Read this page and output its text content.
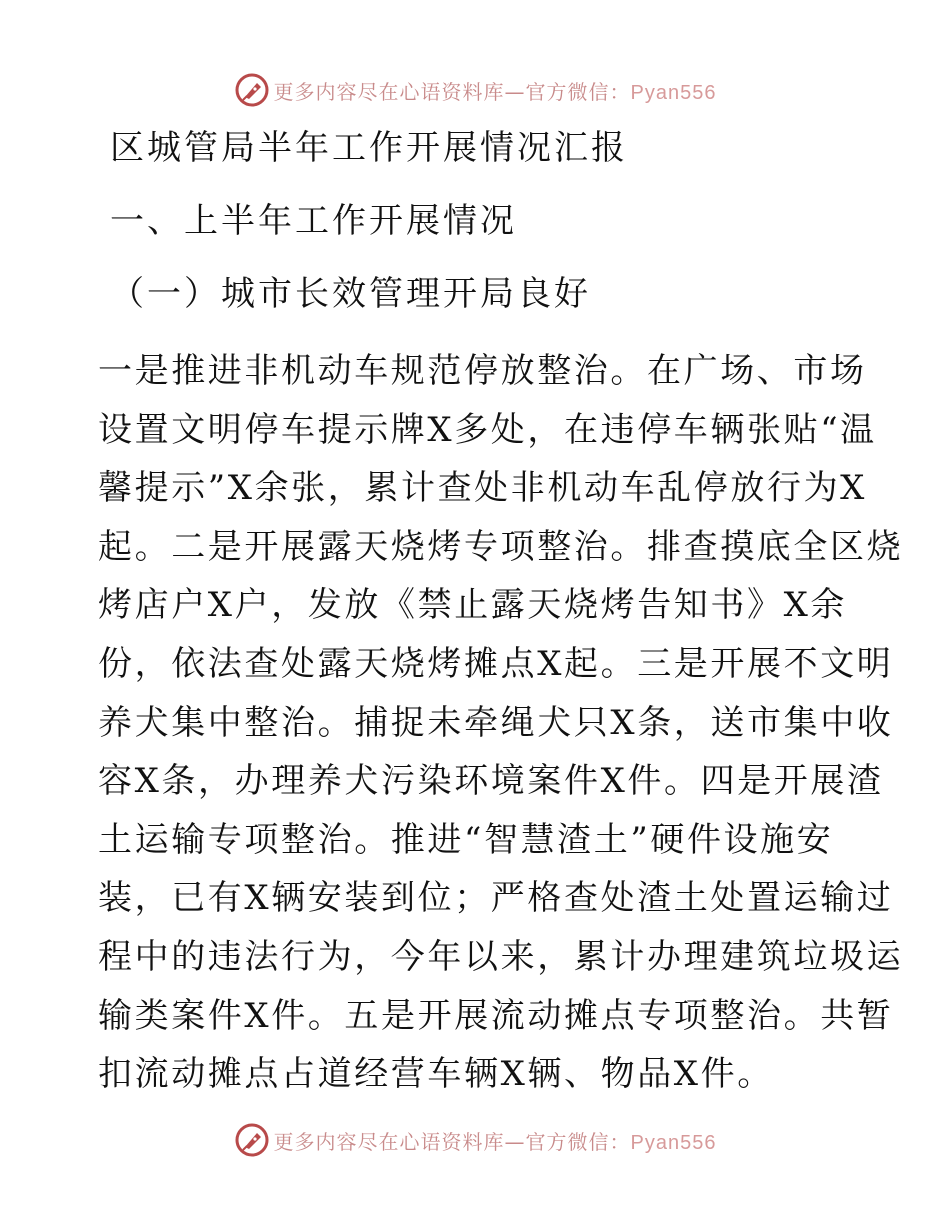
更多内容尽在心语资料库—官方微信：Pyan556
区城管局半年工作开展情况汇报
一、上半年工作开展情况
（一）城市长效管理开局良好
一是推进非机动车规范停放整治。在广场、市场
设置文明停车提示牌X多处，在违停车辆张贴“温
馨提示”X余张，累计查处非机动车乱停放行为X
起。二是开展露天烧烤专项整治。排查摸底全区烧
烤店户X户，发放《禁止露天烧烤告知书》X余
份，依法查处露天烧烤摊点X起。三是开展不文明
养犬集中整治。捕捉未牵绳犬只X条，送市集中收
容X条，办理养犬污染环境案件X件。四是开展渣
土运输专项整治。推进“智慧渣土”硬件设施安
装，已有X辆安装到位；严格查处渣土处置运输过
程中的违法行为，今年以来，累计办理建筑垃圾运
输类案件X件。五是开展流动摊点专项整治。共暂
扣流动摊点占道经营车辆X辆、物品X件。
更多内容尽在心语资料库—官方微信：Pyan556
